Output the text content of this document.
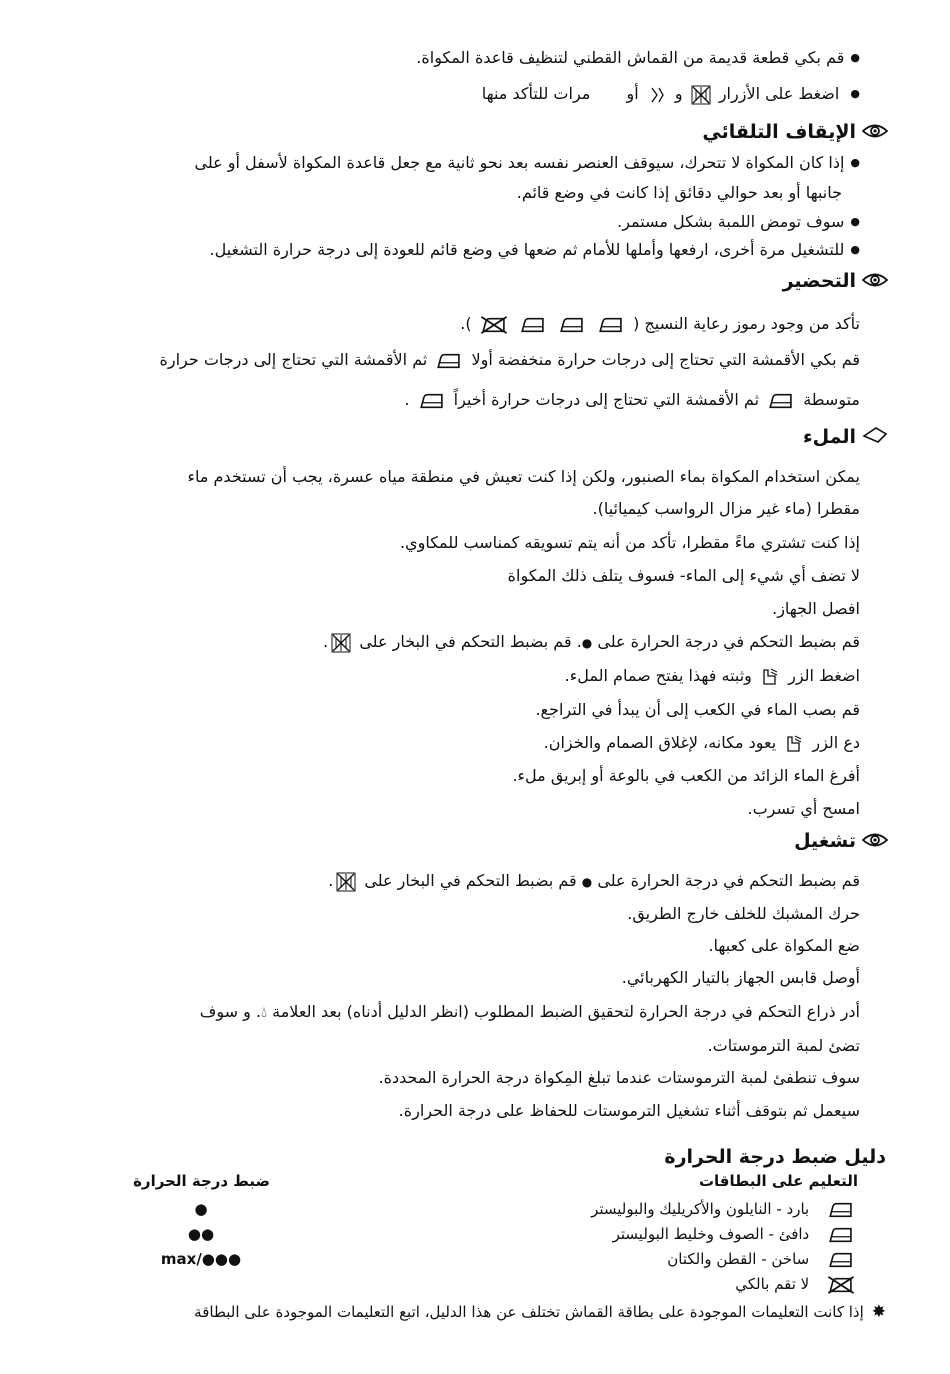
● قم بكي قطعة قديمة من القماش القطني لتنظيف قاعدة المكواة.
● اضغط على الأزرار
و
أو  مرات للتأكد منها
الإيقاف التلقائي
● إذا كان المكواة لا تتحرك، سيوقف العنصر نفسه بعد نحو ثانية مع جعل قاعدة المكواة لأسفل أو على
جانبها أو بعد حوالي دقائق إذا كانت في وضع قائم.
● سوف تومض اللمبة بشكل مستمر.
● للتشغيل مرة أخرى، ارفعها وأملها للأمام ثم ضعها في وضع قائم للعودة إلى درجة حرارة التشغيل.
التحضير
تأكد من وجود رموز رعاية النسيج (

).
قم بكي الأقمشة التي تحتاج إلى درجات حرارة منخفضة أولا
ثم الأقمشة التي تحتاج إلى درجات حرارة
متوسطة
ثم الأقمشة التي تحتاج إلى درجات حرارة أخيراً
.
الملء
يمكن استخدام المكواة بماء الصنبور، ولكن إذا كنت تعيش في منطقة مياه عسرة، يجب أن تستخدم ماء
مقطرا (ماء غير مزال الرواسب كيميائيا).
إذا كنت تشتري ماءً مقطرا، تأكد من أنه يتم تسويقه كمناسب للمكاوي.
لا تضف أي شيء إلى الماء- فسوف يتلف ذلك المكواة
افصل الجهاز.
قم بضبط التحكم في درجة الحرارة على ●. قم بضبط التحكم في البخار على
.
اضغط الزر
وثبته فهذا يفتح صمام الملء.
قم بصب الماء في الكعب إلى أن يبدأ في التراجع.
دع الزر
يعود مكانه، لإغلاق الصمام والخزان.
أفرغ الماء الزائد من الكعب في بالوعة أو إبريق ملء.
امسح أي تسرب.
تشغيل
قم بضبط التحكم في درجة الحرارة على ● قم بضبط التحكم في البخار على
.
حرك المشبك للخلف خارج الطريق.
ضع المكواة على كعبها.
أوصل قابس الجهاز بالتيار الكهربائي.
أدر ذراع التحكم في درجة الحرارة لتحقيق الضبط المطلوب (انظر الدليل أدناه) بعد العلامة 💧︎. و سوف
تضئ لمبة الترموستات.
سوف تنطفئ لمبة الترموستات عندما تبلغ المِكواة درجة الحرارة المحددة.
سيعمل ثم بتوقف أثناء تشغيل الترموستات للحفاظ على درجة الحرارة.
دليل ضبط درجة الحرارة
التعليم على البطاقات
ضبط درجة الحرارة
بارد - النايلون والأكريليك والبوليستر
●
دافئ - الصوف وخليط البوليستر
●●
ساخن - القطن والكتان
max/●●●
لا تقم بالكي
✸إذا كانت التعليمات الموجودة على بطاقة القماش تختلف عن هذا الدليل، اتبع التعليمات الموجودة على البطاقة
